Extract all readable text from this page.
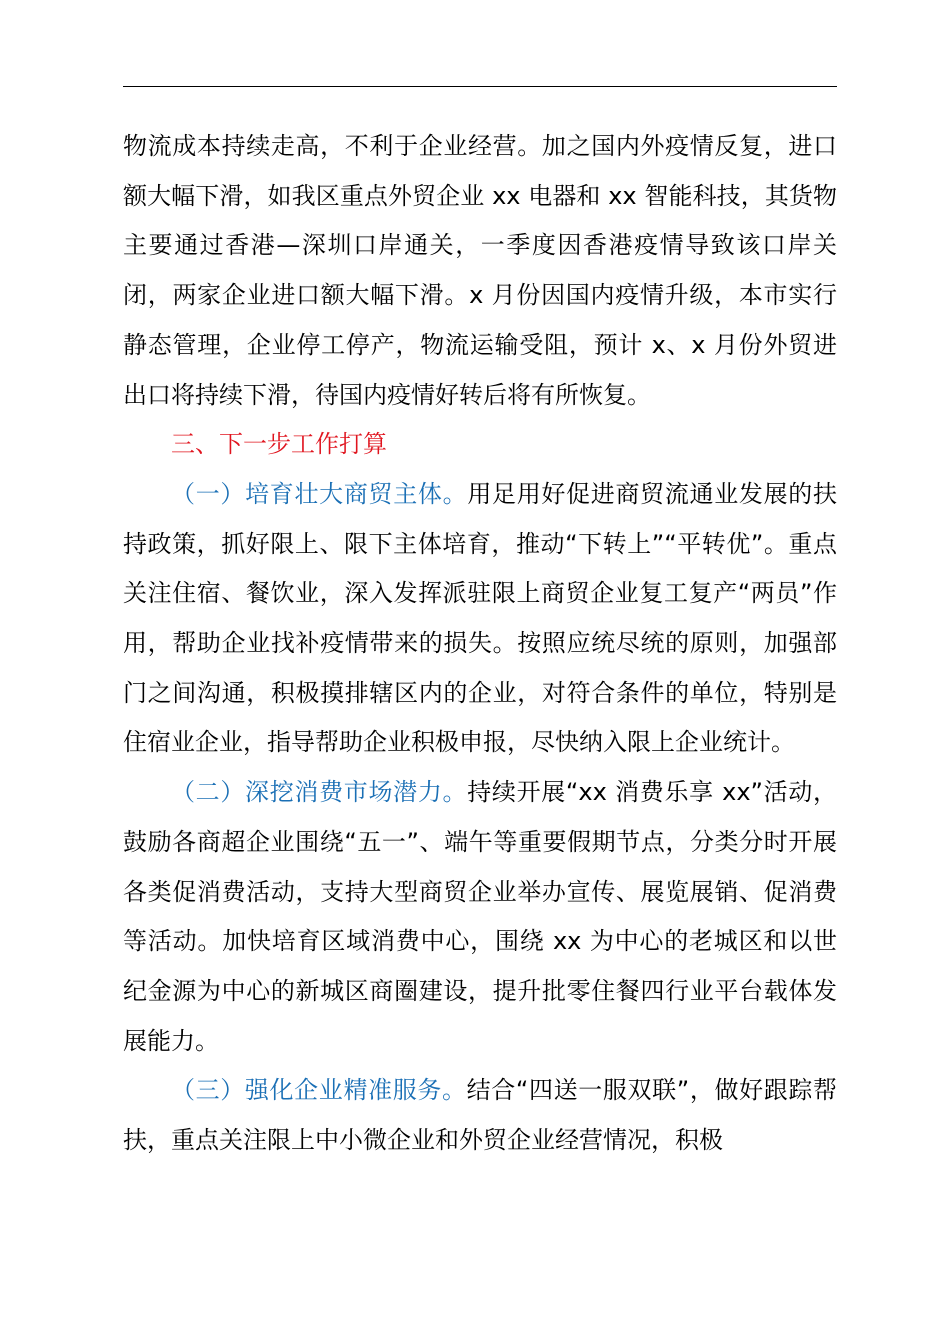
物流成本持续走高，不利于企业经营。加之国内外疫情反复，进口额大幅下滑，如我区重点外贸企业 xx 电器和 xx 智能科技，其货物主要通过香港—深圳口岸通关，一季度因香港疫情导致该口岸关闭，两家企业进口额大幅下滑。x 月份因国内疫情升级，本市实行静态管理，企业停工停产，物流运输受阻，预计 x、x 月份外贸进出口将持续下滑，待国内疫情好转后将有所恢复。

三、下一步工作打算

（一）培育壮大商贸主体。用足用好促进商贸流通业发展的扶持政策，抓好限上、限下主体培育，推动“下转上”“平转优”。重点关注住宿、餐饮业，深入发挥派驻限上商贸企业复工复产“两员”作用，帮助企业找补疫情带来的损失。按照应统尽统的原则，加强部门之间沟通，积极摸排辖区内的企业，对符合条件的单位，特别是住宿业企业，指导帮助企业积极申报，尽快纳入限上企业统计。

（二）深挖消费市场潜力。持续开展“xx 消费乐享 xx”活动，鼓励各商超企业围绕“五一”、端午等重要假期节点，分类分时开展各类促消费活动，支持大型商贸企业举办宣传、展览展销、促消费等活动。加快培育区域消费中心，围绕 xx 为中心的老城区和以世纪金源为中心的新城区商圈建设，提升批零住餐四行业平台载体发展能力。

（三）强化企业精准服务。结合“四送一服双联”，做好跟踪帮扶，重点关注限上中小微企业和外贸企业经营情况，积极
